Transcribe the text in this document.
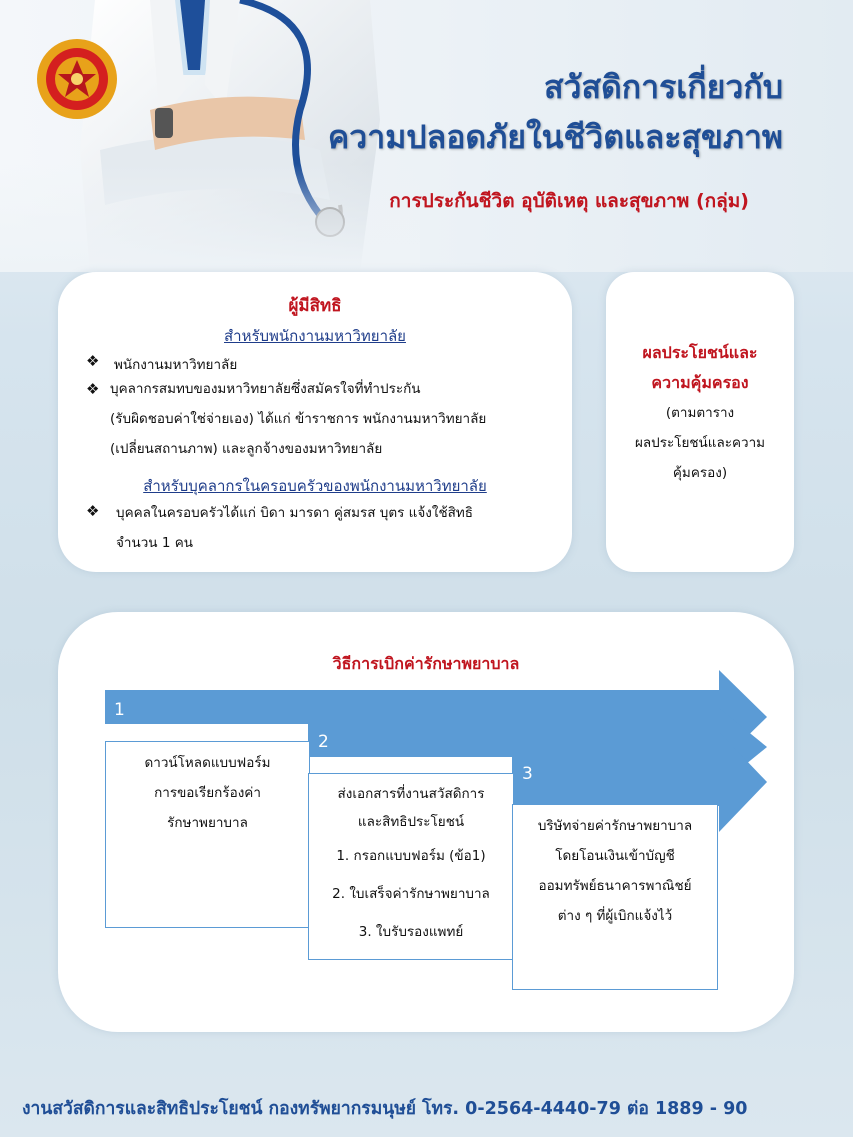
สวัสดิการเกี่ยวกับ
ความปลอดภัยในชีวิตและสุขภาพ
การประกันชีวิต อุบัติเหตุ และสุขภาพ (กลุ่ม)
ผู้มีสิทธิ
สำหรับพนักงานมหาวิทยาลัย
❖ พนักงานมหาวิทยาลัย
❖ บุคลากรสมทบของมหาวิทยาลัยซึ่งสมัครใจที่ทำประกัน
(รับผิดชอบค่าใช่จ่ายเอง) ได้แก่ ข้าราชการ พนักงานมหาวิทยาลัย
(เปลี่ยนสถานภาพ) และลูกจ้างของมหาวิทยาลัย
สำหรับบุคลากรในครอบครัวของพนักงานมหาวิทยาลัย
❖ บุคคลในครอบครัวได้แก่ บิดา มารดา คู่สมรส บุตร แจ้งใช้สิทธิ
จำนวน 1 คน
ผลประโยชน์และ
ความคุ้มครอง
(ตามตาราง
ผลประโยชน์และความ
คุ้มครอง)
วิธีการเบิกค่ารักษาพยาบาล
1
2
3
ดาวน์โหลดแบบฟอร์ม
การขอเรียกร้องค่า
รักษาพยาบาล
ส่งเอกสารที่งานสวัสดิการ
และสิทธิประโยชน์
1. กรอกแบบฟอร์ม (ข้อ1)
2. ใบเสร็จค่ารักษาพยาบาล
3. ใบรับรองแพทย์
บริษัทจ่ายค่ารักษาพยาบาล
โดยโอนเงินเข้าบัญชี
ออมทรัพย์ธนาคารพาณิชย์
ต่าง ๆ ที่ผู้เบิกแจ้งไว้
งานสวัสดิการและสิทธิประโยชน์ กองทรัพยากรมนุษย์ โทร. 0-2564-4440-79 ต่อ 1889 - 90
